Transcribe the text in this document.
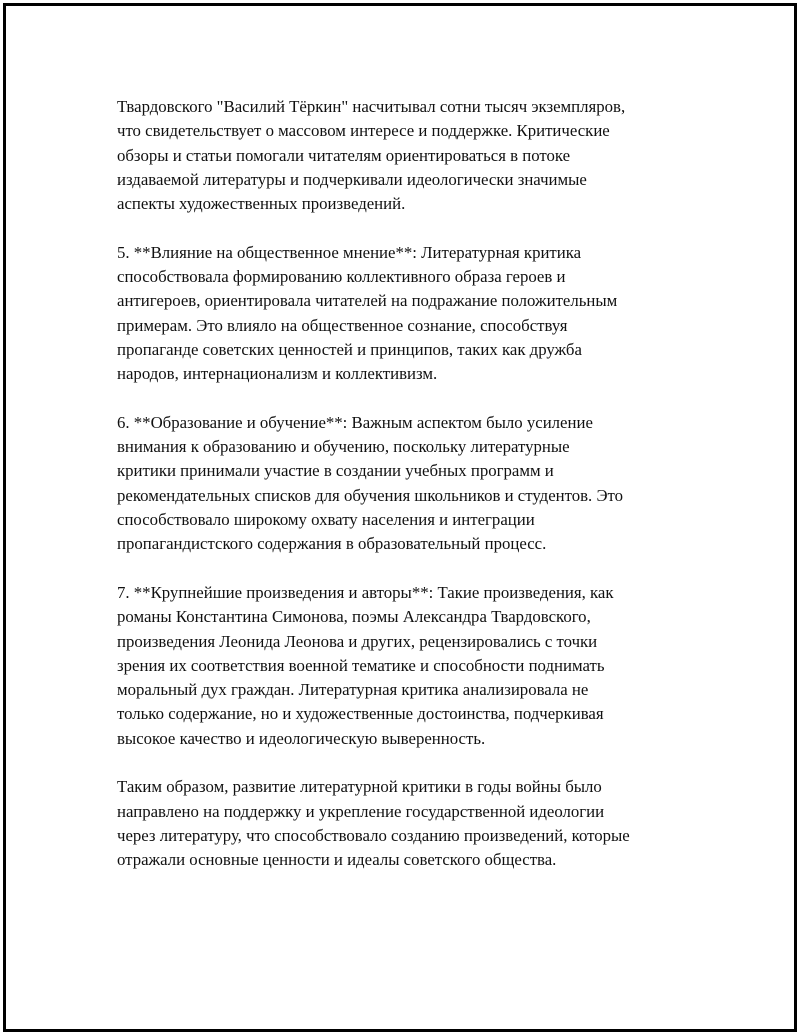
Твардовского "Василий Тёркин" насчитывал сотни тысяч экземпляров,
что свидетельствует о массовом интересе и поддержке. Критические
обзоры и статьи помогали читателям ориентироваться в потоке
издаваемой литературы и подчеркивали идеологически значимые
аспекты художественных произведений.

5. **Влияние на общественное мнение**: Литературная критика
способствовала формированию коллективного образа героев и
антигероев, ориентировала читателей на подражание положительным
примерам. Это влияло на общественное сознание, способствуя
пропаганде советских ценностей и принципов, таких как дружба
народов, интернационализм и коллективизм.

6. **Образование и обучение**: Важным аспектом было усиление
внимания к образованию и обучению, поскольку литературные
критики принимали участие в создании учебных программ и
рекомендательных списков для обучения школьников и студентов. Это
способствовало широкому охвату населения и интеграции
пропагандистского содержания в образовательный процесс.

7. **Крупнейшие произведения и авторы**: Такие произведения, как
романы Константина Симонова, поэмы Александра Твардовского,
произведения Леонида Леонова и других, рецензировались с точки
зрения их соответствия военной тематике и способности поднимать
моральный дух граждан. Литературная критика анализировала не
только содержание, но и художественные достоинства, подчеркивая
высокое качество и идеологическую выверенность.

Таким образом, развитие литературной критики в годы войны было
направлено на поддержку и укрепление государственной идеологии
через литературу, что способствовало созданию произведений, которые
отражали основные ценности и идеалы советского общества.
